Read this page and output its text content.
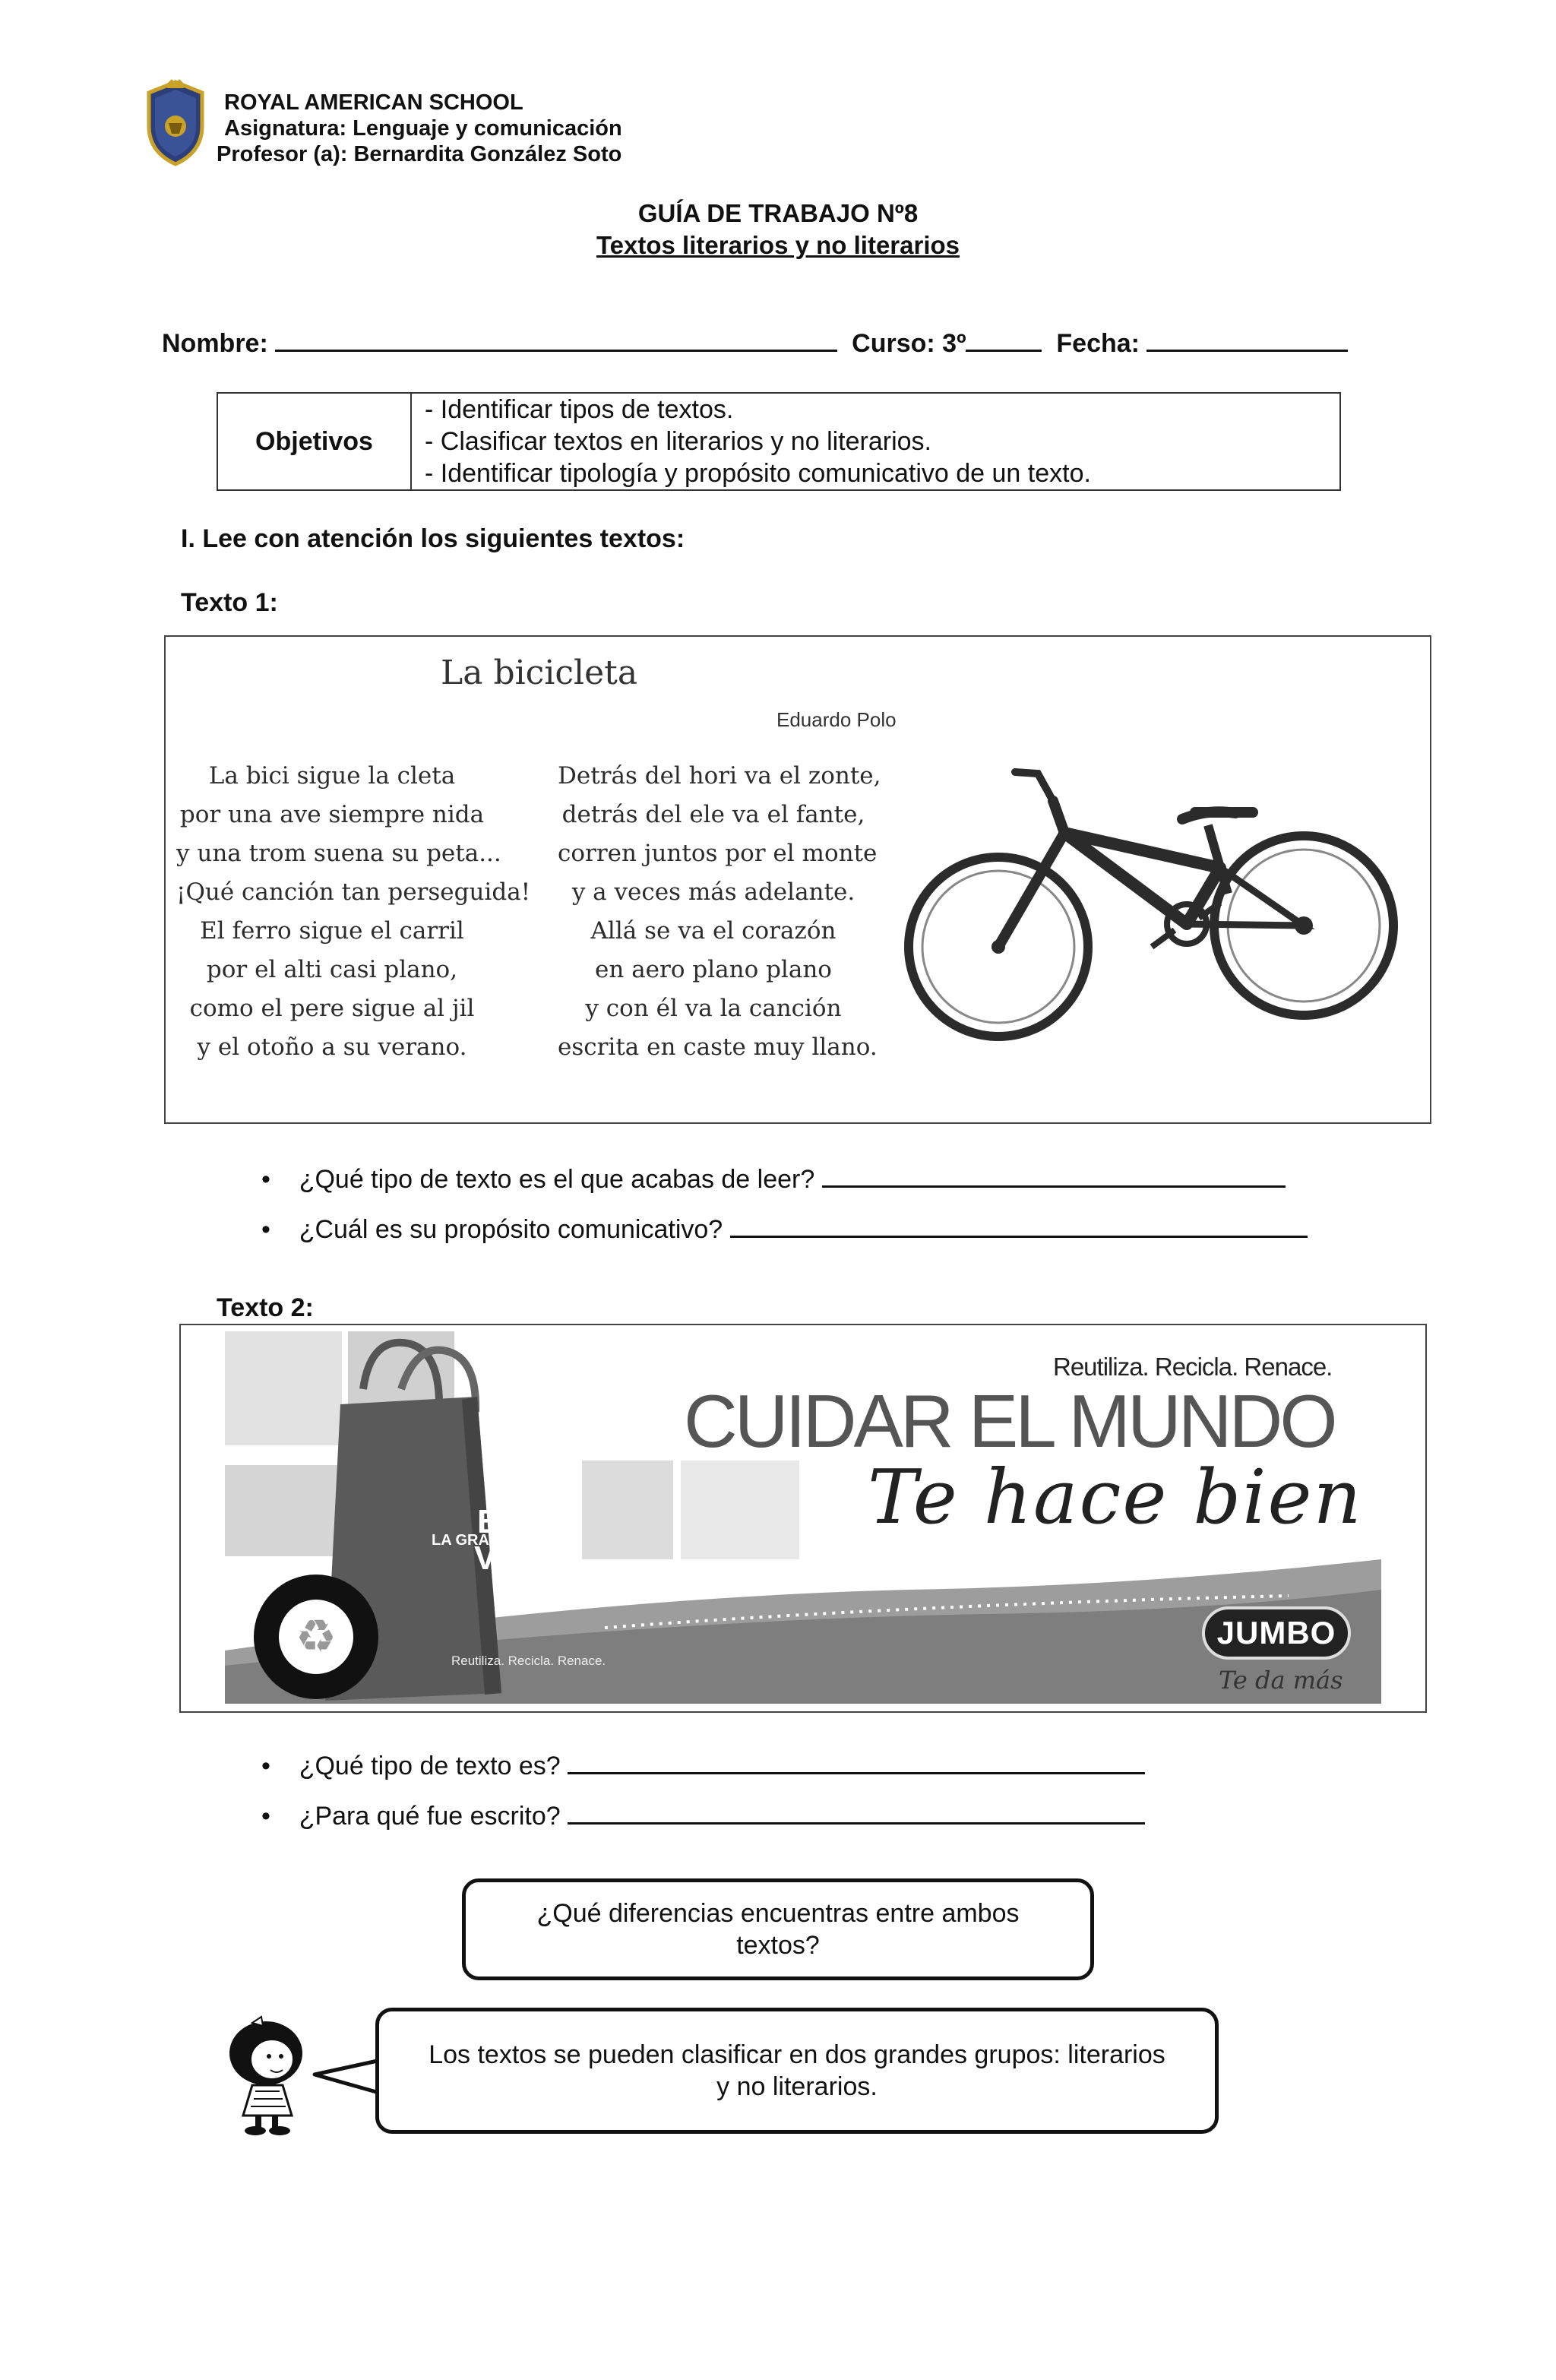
ROYAL AMERICAN SCHOOL
Asignatura: Lenguaje y comunicación
Profesor (a): Bernardita González Soto
GUÍA DE TRABAJO Nº8
Textos literarios y no literarios
Nombre:	Curso: 3º	Fecha:
Objetivos
- Identificar tipos de textos.
- Clasificar textos en literarios y no literarios.
- Identificar tipología y propósito comunicativo de un texto.
I. Lee con atención los siguientes textos:
Texto 1:
La bicicleta
Eduardo Polo
La bici sigue la cleta
por una ave siempre nida
y una trom suena su peta...
¡Qué canción tan perseguida!
El ferro sigue el carril
por el alti casi plano,
como el pere sigue al jil
y el otoño a su verano.
Detrás del hori va el zonte,
detrás del ele va el fante,
corren juntos por el monte
y a veces más adelante.
Allá se va el corazón
en aero plano plano
y con él va la canción
escrita en caste muy llano.
• ¿Qué tipo de texto es el que acabas de leer?
• ¿Cuál es su propósito comunicativo?
Texto 2:
LA GRAN
Bolsa
Verde
JUMBO
Reutiliza. Recicla. Renace.
♻
UN CAMINO MAS PURO · UN MUNDO MEJOR ·
Reutiliza. Recicla. Renace.
CUIDAR EL MUNDO
Te hace bien
JUMBO
Te da más
• ¿Qué tipo de texto es?
• ¿Para qué fue escrito?
¿Qué diferencias encuentras entre ambos textos?
Los textos se pueden clasificar en dos grandes grupos: literarios y no literarios.
